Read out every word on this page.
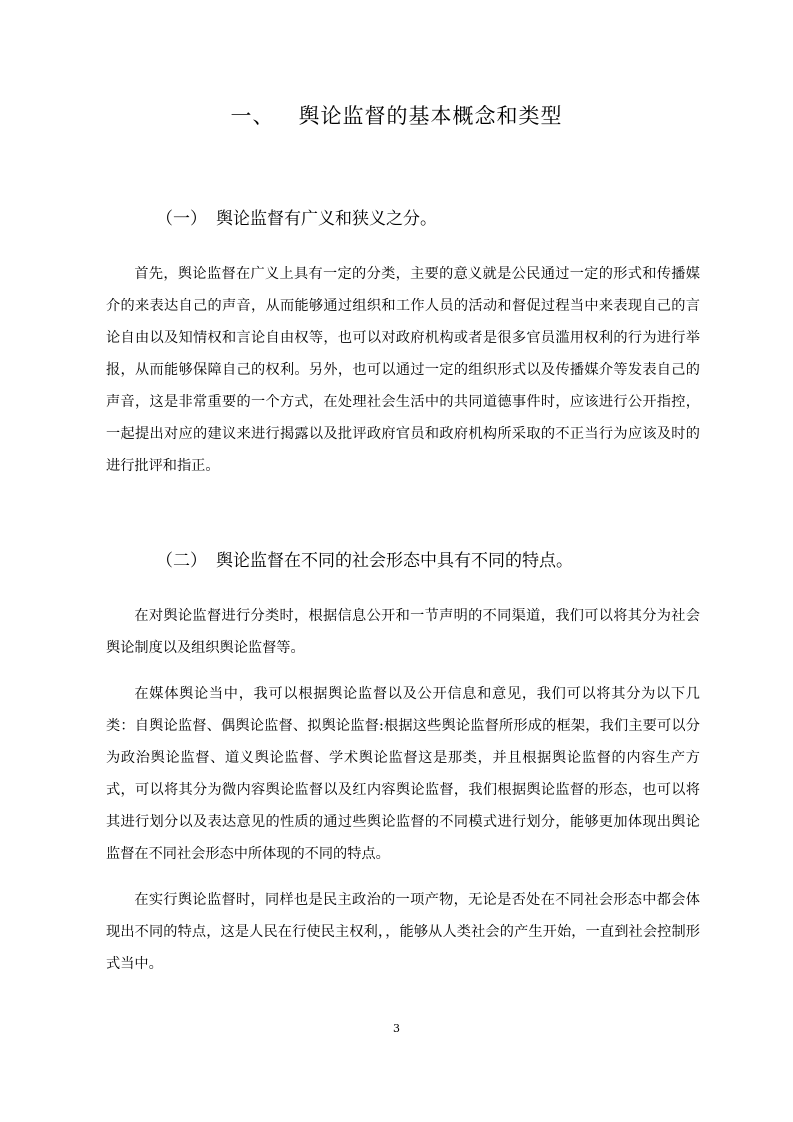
一、 舆论监督的基本概念和类型
（一） 舆论监督有广义和狭义之分。

首先，舆论监督在广义上具有一定的分类，主要的意义就是公民通过一定的形式和传播媒介的来表达自己的声音，从而能够通过组织和工作人员的活动和督促过程当中来表现自己的言论自由以及知情权和言论自由权等，也可以对政府机构或者是很多官员滥用权利的行为进行举报，从而能够保障自己的权利。另外，也可以通过一定的组织形式以及传播媒介等发表自己的声音，这是非常重要的一个方式，在处理社会生活中的共同道德事件时，应该进行公开指控，一起提出对应的建议来进行揭露以及批评政府官员和政府机构所采取的不正当行为应该及时的进行批评和指正。

（二） 舆论监督在不同的社会形态中具有不同的特点。

在对舆论监督进行分类时，根据信息公开和一节声明的不同渠道，我们可以将其分为社会舆论制度以及组织舆论监督等。

在媒体舆论当中，我可以根据舆论监督以及公开信息和意见，我们可以将其分为以下几类：自舆论监督、偶舆论监督、拟舆论监督:根据这些舆论监督所形成的框架，我们主要可以分为政治舆论监督、道义舆论监督、学术舆论监督这是那类，并且根据舆论监督的内容生产方式，可以将其分为微内容舆论监督以及红内容舆论监督，我们根据舆论监督的形态，也可以将其进行划分以及表达意见的性质的通过些舆论监督的不同模式进行划分，能够更加体现出舆论监督在不同社会形态中所体现的不同的特点。

在实行舆论监督时，同样也是民主政治的一项产物，无论是否处在不同社会形态中都会体现出不同的特点，这是人民在行使民主权利，，能够从人类社会的产生开始，一直到社会控制形式当中。

3
